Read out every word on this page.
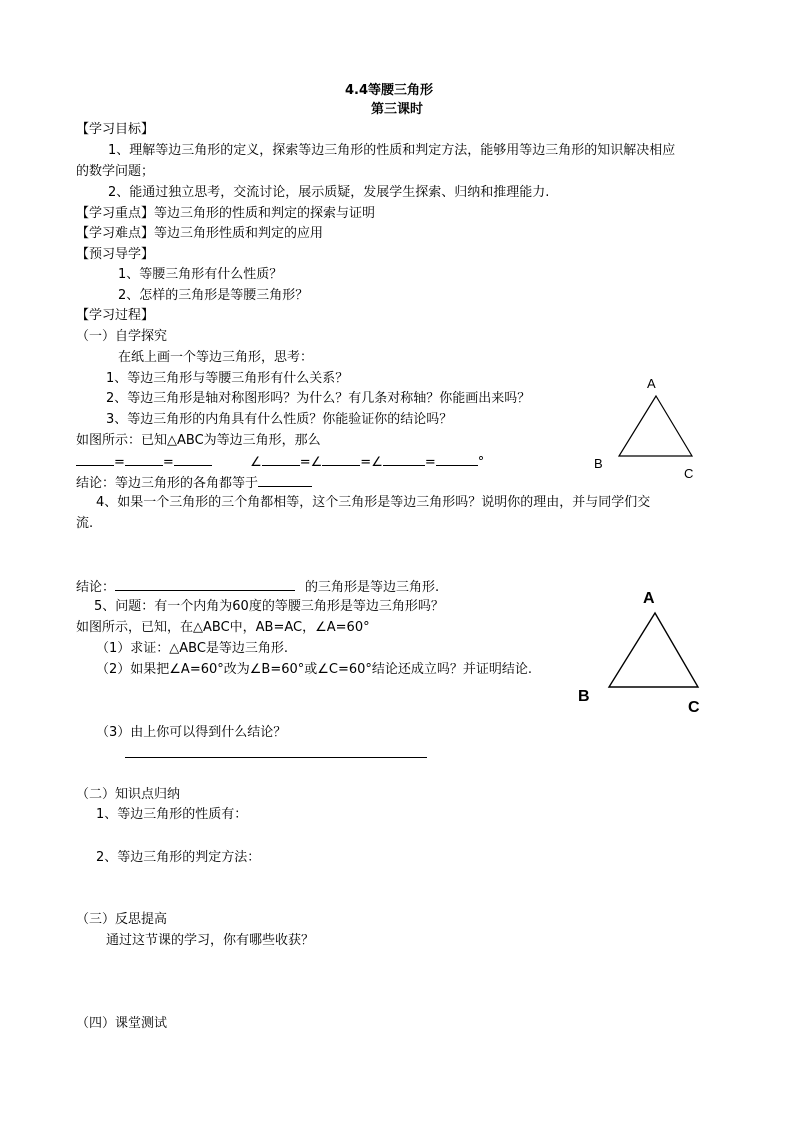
4.4等腰三角形
第三课时
【学习目标】
1、理解等边三角形的定义，探索等边三角形的性质和判定方法，能够用等边三角形的知识解决相应
的数学问题；
2、能通过独立思考，交流讨论，展示质疑，发展学生探索、归纳和推理能力.
【学习重点】等边三角形的性质和判定的探索与证明
【学习难点】等边三角形性质和判定的应用
【预习导学】
1、等腰三角形有什么性质？
2、怎样的三角形是等腰三角形？
【学习过程】
（一）自学探究
在纸上画一个等边三角形，思考：
1、等边三角形与等腰三角形有什么关系？
2、等边三角形是轴对称图形吗？为什么？有几条对称轴？你能画出来吗？
3、等边三角形的内角具有什么性质？你能验证你的结论吗？
如图所示：已知△ABC为等边三角形，那么
=	=	∠	=∠	=∠	=	°
结论：等边三角形的各角都等于
4、如果一个三角形的三个角都相等，这个三角形是等边三角形吗？说明你的理由，并与同学们交
流.
结论：	的三角形是等边三角形.
5、问题：有一个内角为60度的等腰三角形是等边三角形吗？
如图所示，已知，在△ABC中，AB=AC，∠A=60°
（1）求证：△ABC是等边三角形.
（2）如果把∠A=60°改为∠B=60°或∠C=60°结论还成立吗？并证明结论.
（3）由上你可以得到什么结论？
（二）知识点归纳
1、等边三角形的性质有：
2、等边三角形的判定方法：
（三）反思提高
通过这节课的学习，你有哪些收获？
（四）课堂测试
A
B
C
A
B
C
